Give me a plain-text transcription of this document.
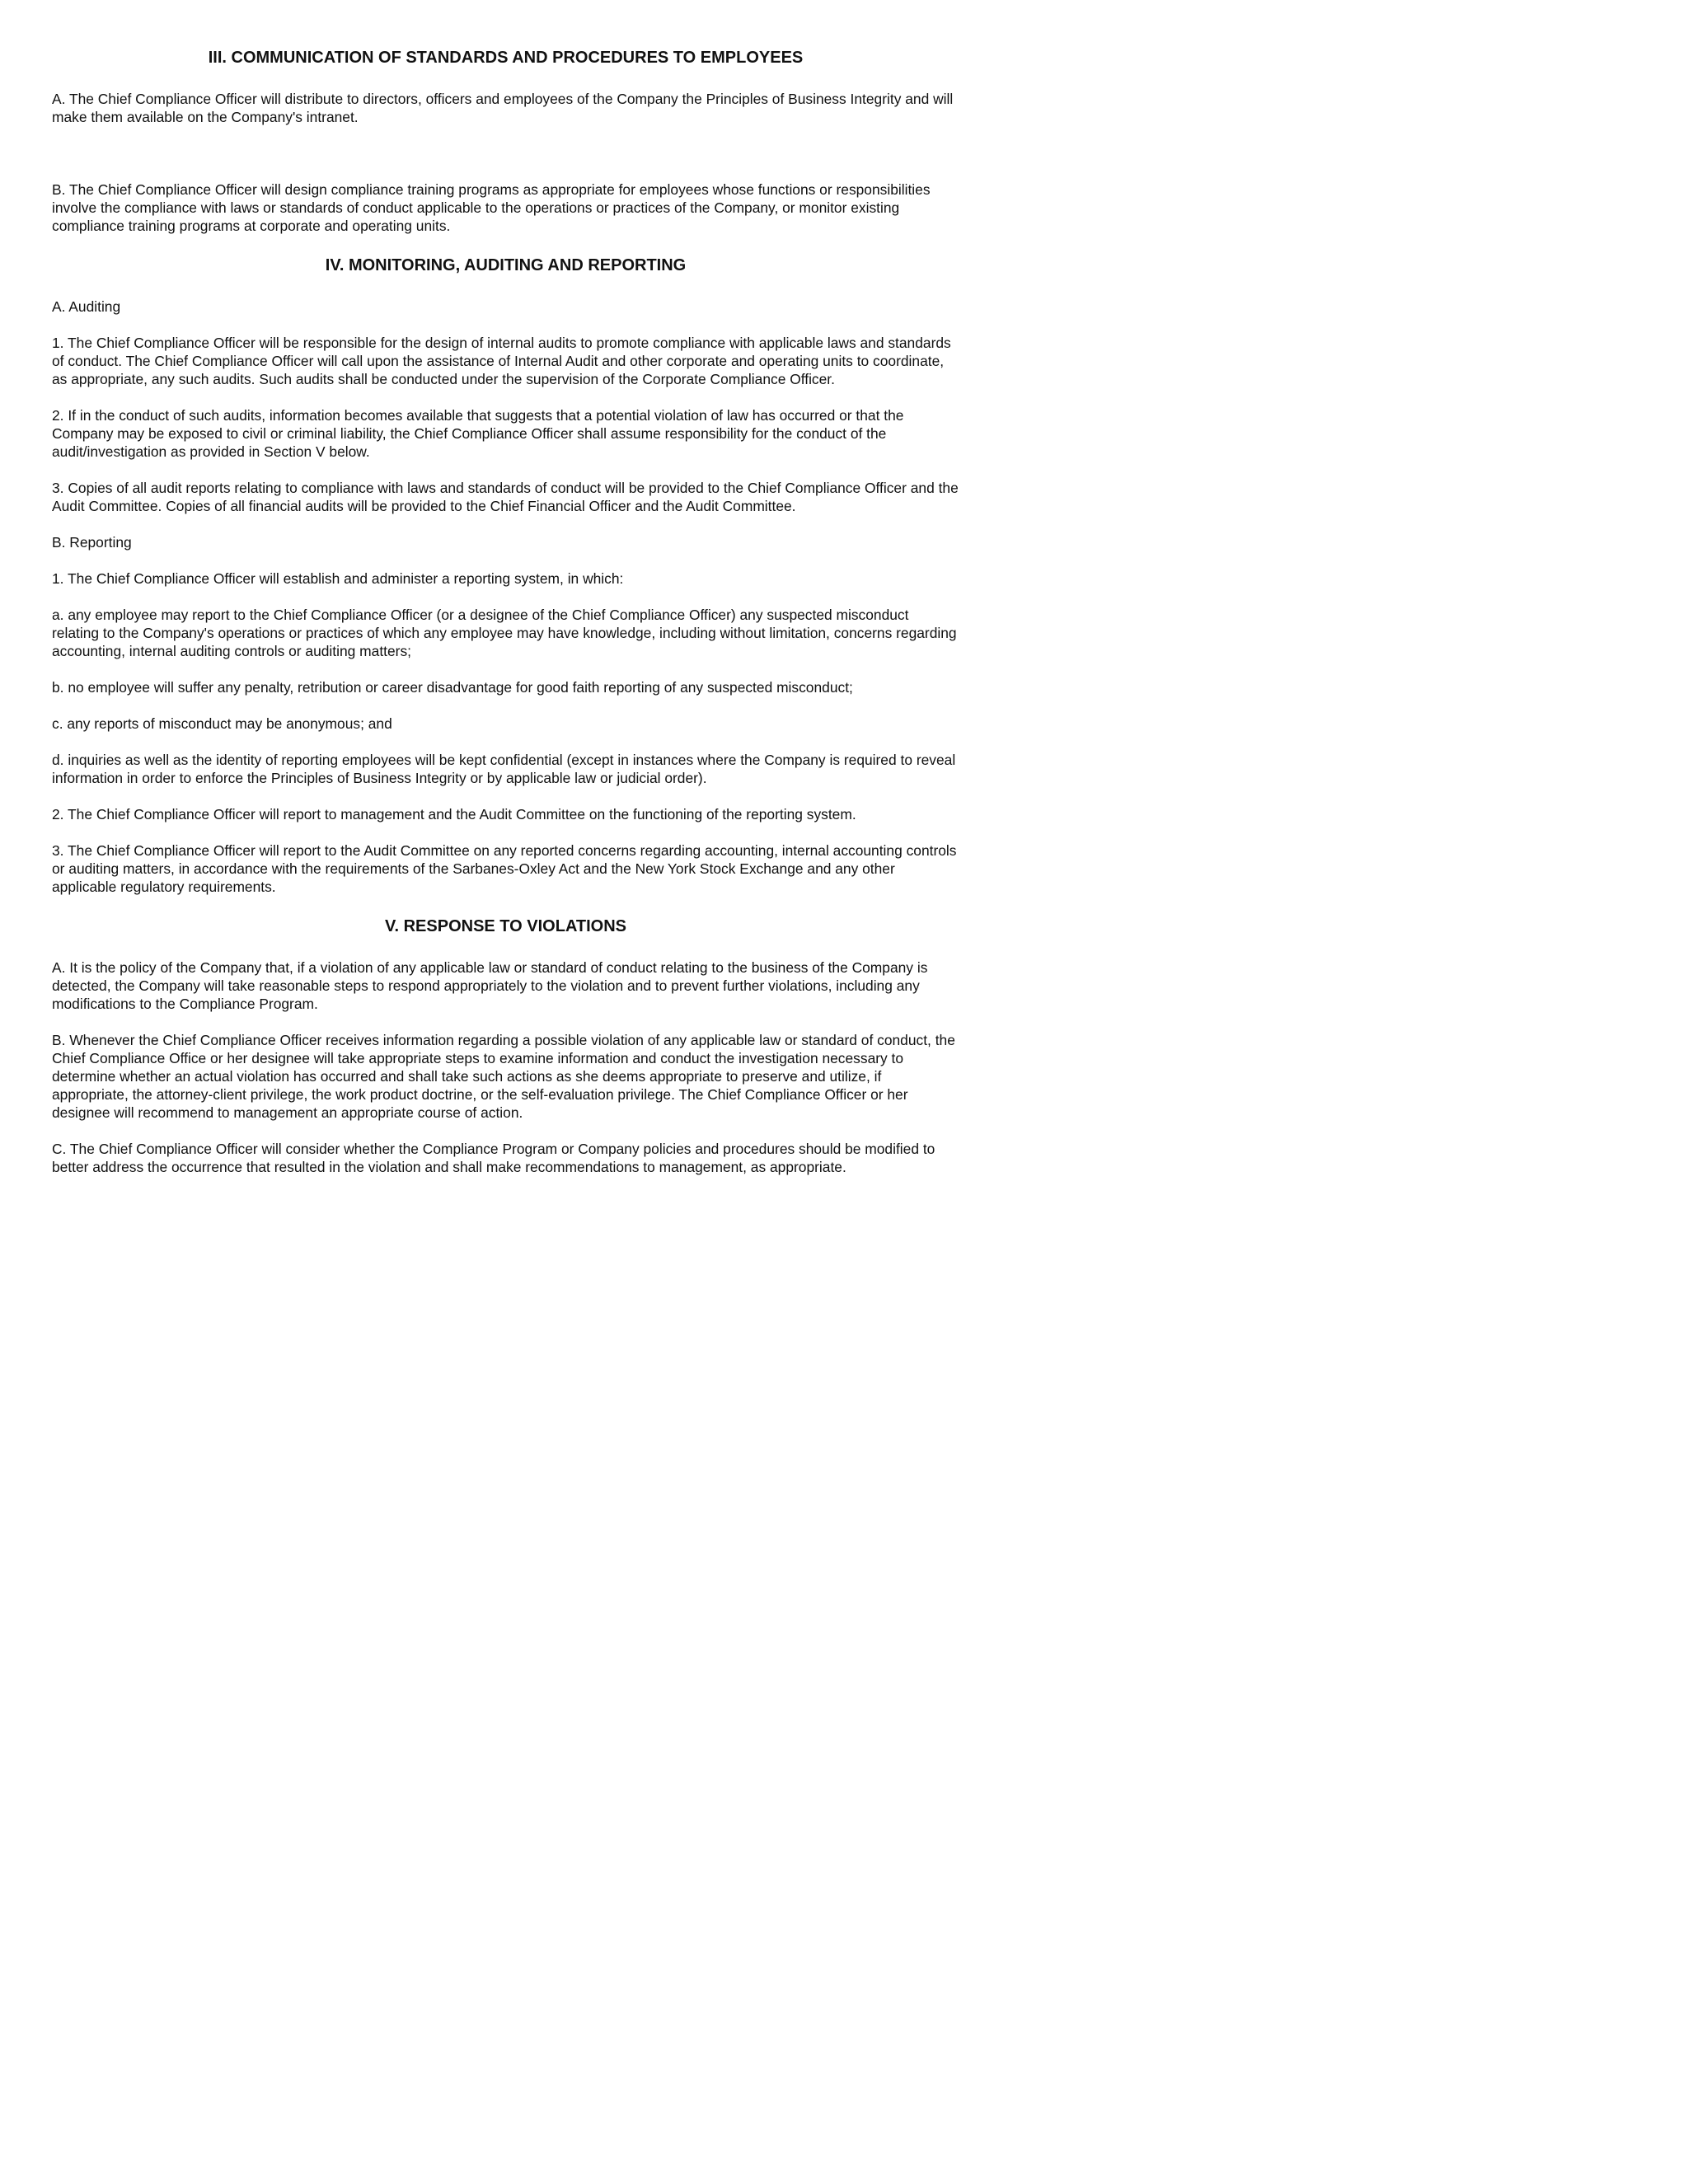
III. COMMUNICATION OF STANDARDS AND PROCEDURES TO EMPLOYEES

A. The Chief Compliance Officer will distribute to directors, officers and employees of the Company the Principles of Business Integrity and will make them available on the Company's intranet.

B. The Chief Compliance Officer will design compliance training programs as appropriate for employees whose functions or responsibilities involve the compliance with laws or standards of conduct applicable to the operations or practices of the Company, or monitor existing compliance training programs at corporate and operating units.

IV. MONITORING, AUDITING AND REPORTING

A. Auditing

1. The Chief Compliance Officer will be responsible for the design of internal audits to promote compliance with applicable laws and standards of conduct. The Chief Compliance Officer will call upon the assistance of Internal Audit and other corporate and operating units to coordinate, as appropriate, any such audits. Such audits shall be conducted under the supervision of the Corporate Compliance Officer.

2. If in the conduct of such audits, information becomes available that suggests that a potential violation of law has occurred or that the Company may be exposed to civil or criminal liability, the Chief Compliance Officer shall assume responsibility for the conduct of the audit/investigation as provided in Section V below.

3. Copies of all audit reports relating to compliance with laws and standards of conduct will be provided to the Chief Compliance Officer and the Audit Committee. Copies of all financial audits will be provided to the Chief Financial Officer and the Audit Committee.

B. Reporting

1. The Chief Compliance Officer will establish and administer a reporting system, in which:

a. any employee may report to the Chief Compliance Officer (or a designee of the Chief Compliance Officer) any suspected misconduct relating to the Company's operations or practices of which any employee may have knowledge, including without limitation, concerns regarding accounting, internal auditing controls or auditing matters;

b. no employee will suffer any penalty, retribution or career disadvantage for good faith reporting of any suspected misconduct;

c. any reports of misconduct may be anonymous; and

d. inquiries as well as the identity of reporting employees will be kept confidential (except in instances where the Company is required to reveal information in order to enforce the Principles of Business Integrity or by applicable law or judicial order).

2. The Chief Compliance Officer will report to management and the Audit Committee on the functioning of the reporting system.

3. The Chief Compliance Officer will report to the Audit Committee on any reported concerns regarding accounting, internal accounting controls or auditing matters, in accordance with the requirements of the Sarbanes-Oxley Act and the New York Stock Exchange and any other applicable regulatory requirements.

V. RESPONSE TO VIOLATIONS

A. It is the policy of the Company that, if a violation of any applicable law or standard of conduct relating to the business of the Company is detected, the Company will take reasonable steps to respond appropriately to the violation and to prevent further violations, including any modifications to the Compliance Program.

B. Whenever the Chief Compliance Officer receives information regarding a possible violation of any applicable law or standard of conduct, the Chief Compliance Office or her designee will take appropriate steps to examine information and conduct the investigation necessary to determine whether an actual violation has occurred and shall take such actions as she deems appropriate to preserve and utilize, if appropriate, the attorney-client privilege, the work product doctrine, or the self-evaluation privilege. The Chief Compliance Officer or her designee will recommend to management an appropriate course of action.

C. The Chief Compliance Officer will consider whether the Compliance Program or Company policies and procedures should be modified to better address the occurrence that resulted in the violation and shall make recommendations to management, as appropriate.
